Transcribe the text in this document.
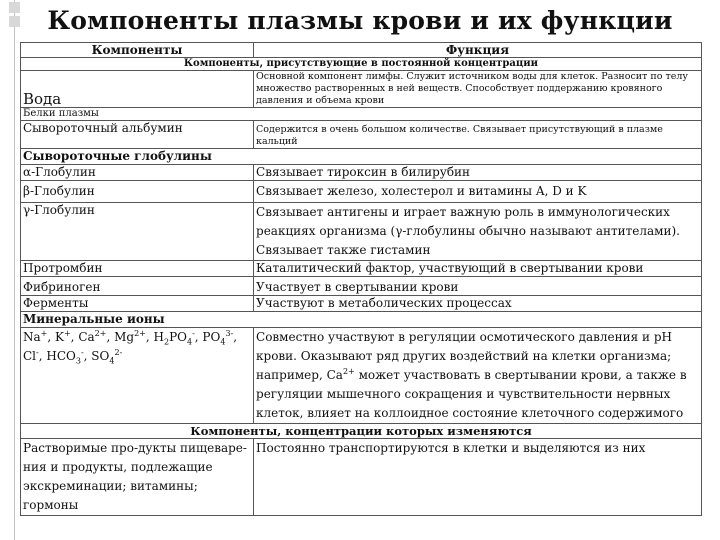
Компоненты плазмы крови и их функции
Компоненты	Функция
Компоненты, присутствующие в постоянной концентрации	
Вода	Основной компонент лимфы. Служит источником воды для клеток. Разносит по телу множество растворенных в ней веществ. Способствует поддержанию кровяного давления и объема крови
Белки плазмы	
Сывороточный альбумин	Содержится в очень большом количестве. Связывает присутствующий в плазме кальций
Сывороточные глобулины	
α-Глобулин	Связывает тироксин в билирубин
β-Глобулин	Связывает железо, холестерол и витамины A, D и K
γ-Глобулин	Связывает антигены и играет важную роль в иммунологических реакциях организма (γ-глобулины обычно называют антителами). Связывает также гистамин
Протромбин	Каталитический фактор, участвующий в свертывании крови
Фибриноген	Участвует в свертывании крови
Ферменты	Участвуют в метаболических процессах
Минеральные ионы	
Na+, K+, $Ca^{2+}$, $Mg^{2+}$, $H_2PO_4^-$, $PO_4^{3-}$, Cl-, $HCO_3^-$, $SO_4^{2-}$	Совместно участвуют в регуляции осмотического давления и pH крови. Оказывают ряд других воздействий на клетки организма; например, $Ca^{2+}$ может участвовать в свертывании крови, а также в регуляции мышечного сокращения и чувствительности нервных клеток, влияет на коллоидное состояние клеточного содержимого
Компоненты, концентрации которых изменяются	
Растворимые про-дукты пищеваре-ния и продукты, подлежащие экскреминации; витамины; гормоны	Постоянно транспортируются в клетки и выделяются из них
